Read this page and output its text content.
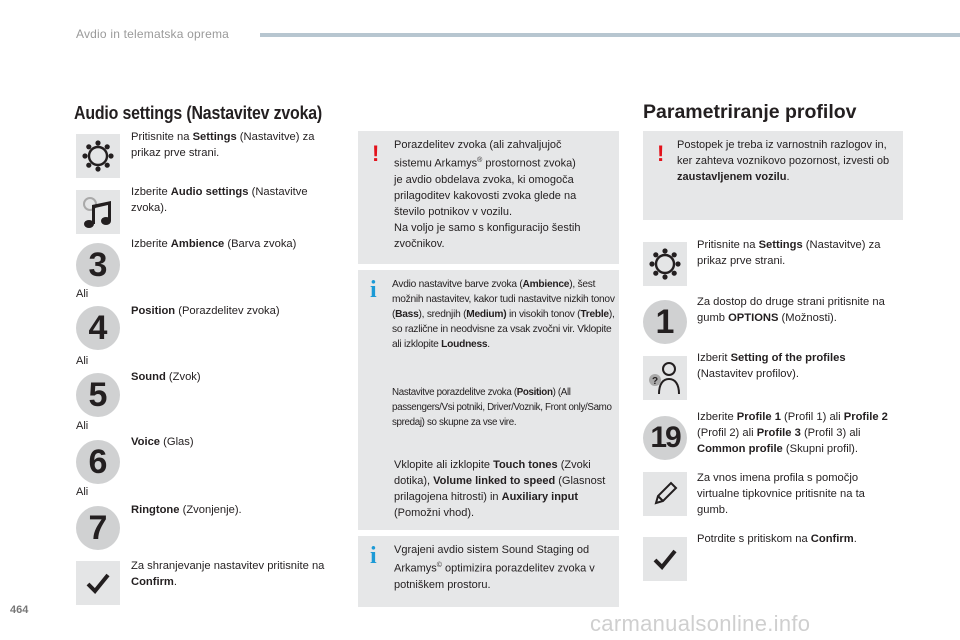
Avdio in telematska oprema
Audio settings (Nastavitev zvoka)	Parametriranje profilov
Pritisnite na Settings (Nastavitve) za prikaz prve strani.
Izberite Audio settings (Nastavitve zvoka).
3
Izberite Ambience (Barva zvoka)
Ali
4	Position (Porazdelitev zvoka)
Ali
5	Sound (Zvok)
Ali
6
Voice (Glas)
Ali
7	Ringtone (Zvonjenje).
Za shranjevanje nastavitev pritisnite na Confirm.
! Porazdelitev zvoka (ali zahvaljujoč
sistemu Arkamys® prostornost zvoka)
je avdio obdelava zvoka, ki omogoča
prilagoditev kakovosti zvoka glede na
število potnikov v vozilu.
Na voljo je samo s konfiguracijo šestih
zvočnikov.
i Avdio nastavitve barve zvoka (Ambience), šest možnih nastavitev, kakor tudi nastavitve nizkih tonov (Bass), srednjih (Medium) in visokih tonov (Treble), so različne in neodvisne za vsak zvočni vir. Vklopite ali izklopite Loudness.
Nastavitve porazdelitve zvoka (Position) (All passengers/Vsi potniki, Driver/Voznik, Front only/Samo spredaj) so skupne za vse vire.
Vklopite ali izklopite Touch tones (Zvoki dotika), Volume linked to speed (Glasnost prilagojena hitrosti) in Auxiliary input (Pomožni vhod).
i Vgrajeni avdio sistem Sound Staging od Arkamys© optimizira porazdelitev zvoka v potniškem prostoru.
! Postopek je treba iz varnostnih razlogov in, ker zahteva voznikovo pozornost, izvesti ob zaustavljenem vozilu.
Pritisnite na Settings (Nastavitve) za prikaz prve strani.
1
Za dostop do druge strani pritisnite na gumb OPTIONS (Možnosti).
?
Izberit Setting of the profiles (Nastavitev profilov).
19
Izberite Profile 1 (Profil 1) ali Profile 2 (Profil 2) ali Profile 3 (Profil 3) ali Common profile (Skupni profil).
Za vnos imena profila s pomočjo virtualne tipkovnice pritisnite na ta gumb.
Potrdite s pritiskom na Confirm.
464
carmanualsonline.info
